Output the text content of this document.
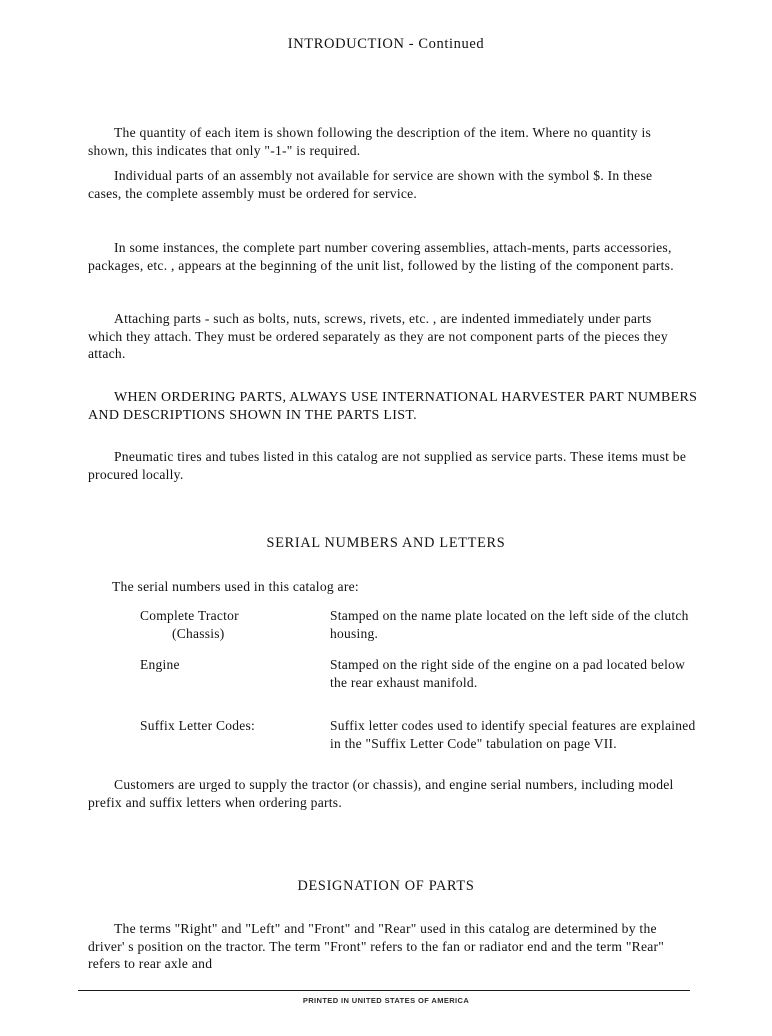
INTRODUCTION - Continued
The quantity of each item is shown following the description of the item. Where no quantity is shown, this indicates that only "-1-" is required.
Individual parts of an assembly not available for service are shown with the symbol $. In these cases, the complete assembly must be ordered for service.
In some instances, the complete part number covering assemblies, attach-ments, parts accessories, packages, etc. , appears at the beginning of the unit list, followed by the listing of the component parts.
Attaching parts - such as bolts, nuts, screws, rivets, etc. , are indented immediately under parts which they attach. They must be ordered separately as they are not component parts of the pieces they attach.
WHEN ORDERING PARTS, ALWAYS USE INTERNATIONAL HARVESTER PART NUMBERS AND DESCRIPTIONS SHOWN IN THE PARTS LIST.
Pneumatic tires and tubes listed in this catalog are not supplied as service parts. These items must be procured locally.
SERIAL NUMBERS AND LETTERS
The serial numbers used in this catalog are:
Complete Tractor
(Chassis)	Stamped on the name plate located on the left side of the clutch housing.

Engine	Stamped on the right side of the engine on a pad located below the rear exhaust manifold.

Suffix Letter Codes:	Suffix letter codes used to identify special features are explained in the "Suffix Letter Code" tabulation on page VII.
Customers are urged to supply the tractor (or chassis), and engine serial numbers, including model prefix and suffix letters when ordering parts.
DESIGNATION OF PARTS
The terms "Right" and "Left" and "Front" and "Rear" used in this catalog are determined by the driver' s position on the tractor. The term "Front" refers to the fan or radiator end and the term "Rear" refers to rear axle and
PRINTED IN UNITED STATES OF AMERICA
